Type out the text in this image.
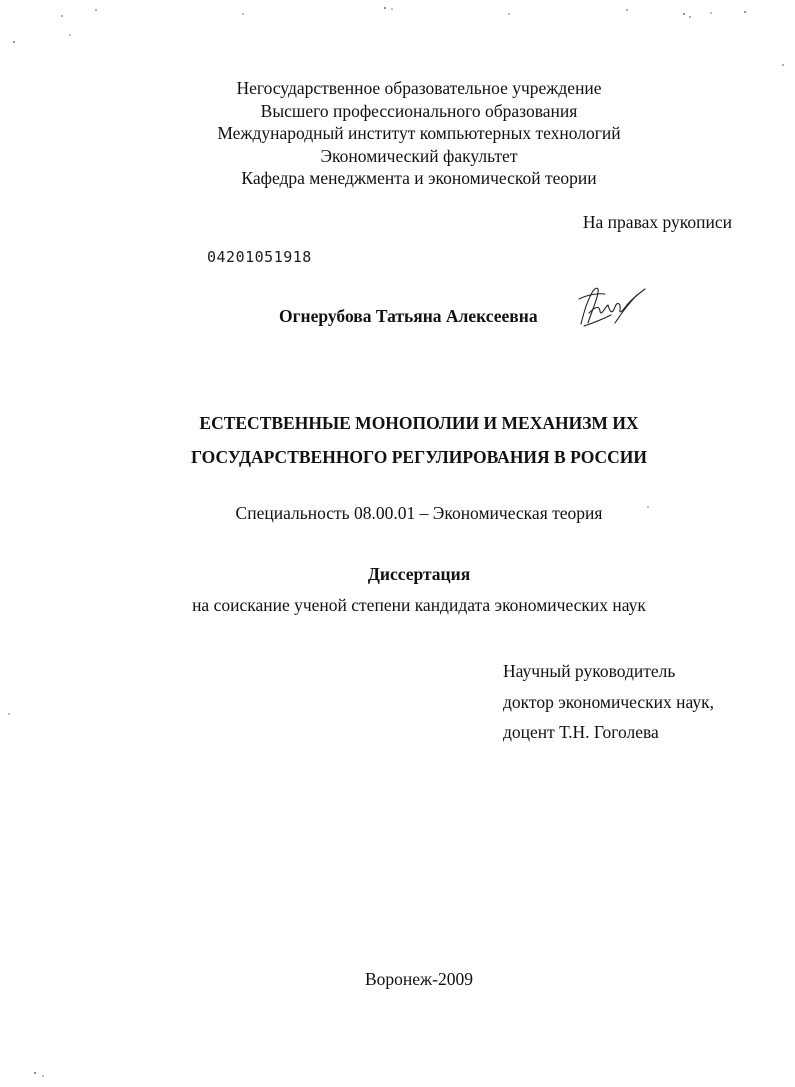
Негосударственное образовательное учреждение
Высшего профессионального образования
Международный институт компьютерных технологий
Экономический факультет
Кафедра менеджмента и экономической теории
На правах рукописи
04201051918
Огнерубова Татьяна Алексеевна
ЕСТЕСТВЕННЫЕ МОНОПОЛИИ И МЕХАНИЗМ ИХ
ГОСУДАРСТВЕННОГО РЕГУЛИРОВАНИЯ В РОССИИ
Специальность 08.00.01 – Экономическая теория
Диссертация
на соискание ученой степени кандидата экономических наук
Научный руководитель
доктор экономических наук,
доцент Т.Н. Гоголева
Воронеж-2009
